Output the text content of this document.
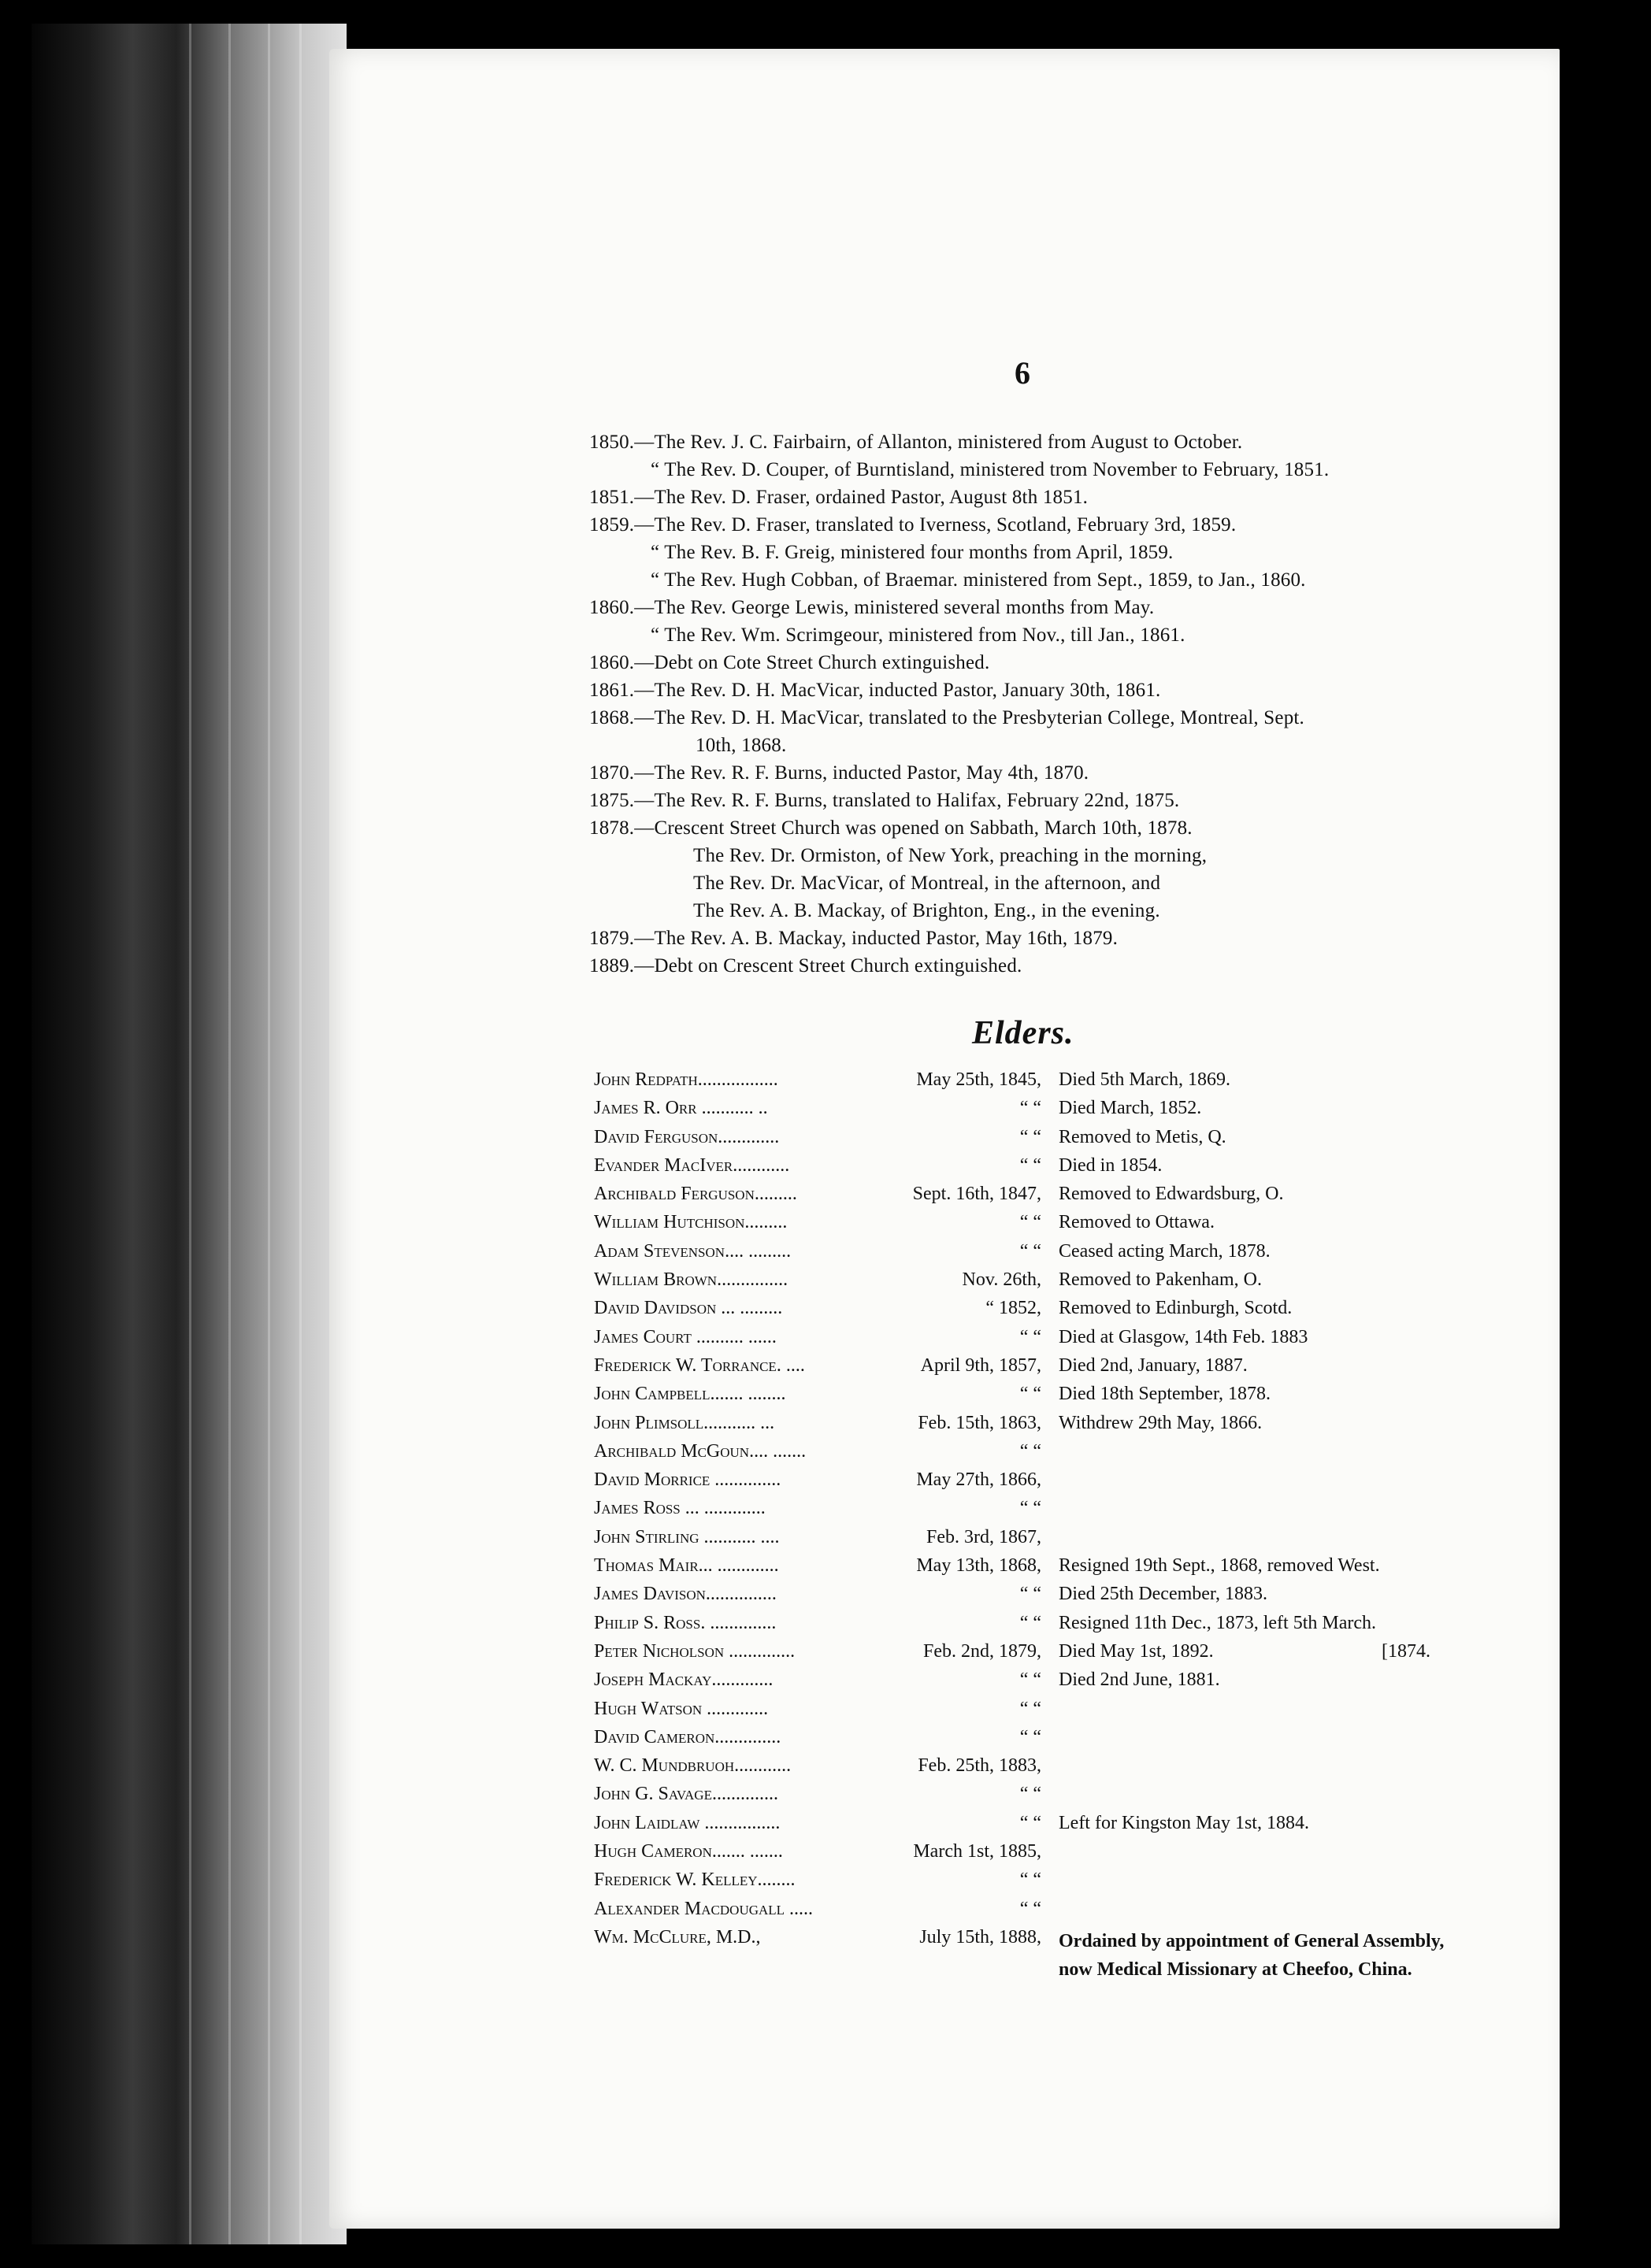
6
1850.—The Rev. J. C. Fairbairn, of Allanton, ministered from August to October.
“ The Rev. D. Couper, of Burntisland, ministered trom November to February, 1851.
1851.—The Rev. D. Fraser, ordained Pastor, August 8th 1851.
1859.—The Rev. D. Fraser, translated to Iverness, Scotland, February 3rd, 1859.
“ The Rev. B. F. Greig, ministered four months from April, 1859.
“ The Rev. Hugh Cobban, of Braemar. ministered from Sept., 1859, to Jan., 1860.
1860.—The Rev. George Lewis, ministered several months from May.
“ The Rev. Wm. Scrimgeour, ministered from Nov., till Jan., 1861.
1860.—Debt on Cote Street Church extinguished.
1861.—The Rev. D. H. MacVicar, inducted Pastor, January 30th, 1861.
1868.—The Rev. D. H. MacVicar, translated to the Presbyterian College, Montreal, Sept.
10th, 1868.
1870.—The Rev. R. F. Burns, inducted Pastor, May 4th, 1870.
1875.—The Rev. R. F. Burns, translated to Halifax, February 22nd, 1875.
1878.—Crescent Street Church was opened on Sabbath, March 10th, 1878.
The Rev. Dr. Ormiston, of New York, preaching in the morning,
The Rev. Dr. MacVicar, of Montreal, in the afternoon, and
The Rev. A. B. Mackay, of Brighton, Eng., in the evening.
1879.—The Rev. A. B. Mackay, inducted Pastor, May 16th, 1879.
1889.—Debt on Crescent Street Church extinguished.
Elders.
John Redpath.................	May 25th, 1845, Died 5th March, 1869.
James R. Orr ........... ..	“ “ Died March, 1852.
David Ferguson.............	“ “ Removed to Metis, Q.
Evander MacIver............	“ “ Died in 1854.
Archibald Ferguson.........	Sept. 16th, 1847, Removed to Edwardsburg, O.
William Hutchison.........	“ “ Removed to Ottawa.
Adam Stevenson.... .........	“ “ Ceased acting March, 1878.
William Brown...............	Nov. 26th, Removed to Pakenham, O.
David Davidson ... .........	“ 1852, Removed to Edinburgh, Scotd.
James Court .......... ......	“ “ Died at Glasgow, 14th Feb. 1883
Frederick W. Torrance. ....	April 9th, 1857, Died 2nd, January, 1887.
John Campbell....... ........	“ “ Died 18th September, 1878.
John Plimsoll........... ...	Feb. 15th, 1863, Withdrew 29th May, 1866.
Archibald McGoun.... .......	“ “
David Morrice ..............	May 27th, 1866,
James Ross ... .............	“ “
John Stirling ........... ....	Feb. 3rd, 1867,
Thomas Mair... .............	May 13th, 1868, Resigned 19th Sept., 1868, removed West.
James Davison...............	“ “ Died 25th December, 1883.
Philip S. Ross. ..............	“ “ Resigned 11th Dec., 1873, left 5th March.
Peter Nicholson ..............	Feb. 2nd, 1879, Died May 1st, 1892.	[1874.
Joseph Mackay.............	“ “ Died 2nd June, 1881.
Hugh Watson .............	“ “
David Cameron..............	“ “
W. C. Mundbruoh............	Feb. 25th, 1883,
John G. Savage..............	“ “
John Laidlaw ................	“ “ Left for Kingston May 1st, 1884.
Hugh Cameron....... .......	March 1st, 1885,
Frederick W. Kelley........	“ “
Alexander Macdougall .....	“ “
Wm. McClure, M.D.,	July 15th, 1888, Ordained by appointment of General Assembly, now Medical Missionary at Cheefoo, China.
